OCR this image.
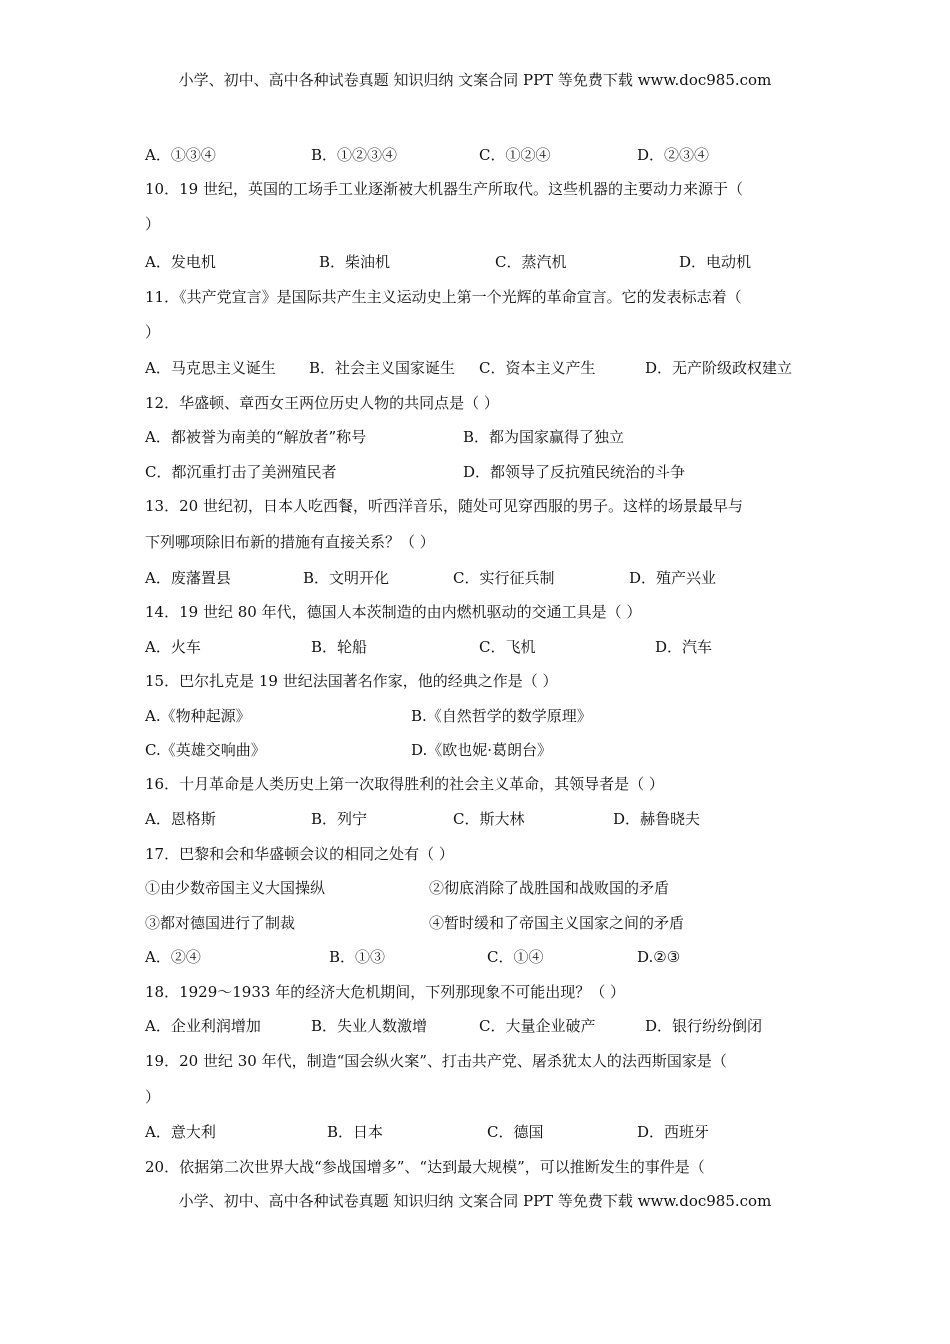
小学、初中、高中各种试卷真题 知识归纳 文案合同 PPT 等免费下载 www.doc985.com
A．①③④	B．①②③④	C．①②④	D．②③④
10．19 世纪，英国的工场手工业逐渐被大机器生产所取代。这些机器的主要动力来源于（
）
A．发电机	B．柴油机	C．蒸汽机	D．电动机
11．《共产党宣言》是国际共产生主义运动史上第一个光辉的革命宣言。它的发表标志着（
）
A．马克思主义诞生 B．社会主义国家诞生 C．资本主义产生	D．无产阶级政权建立
12．华盛顿、章西女王两位历史人物的共同点是（ ）
A．都被誉为南美的“解放者”称号	B．都为国家赢得了独立
C．都沉重打击了美洲殖民者	D．都领导了反抗殖民统治的斗争
13．20 世纪初，日本人吃西餐，听西洋音乐，随处可见穿西服的男子。这样的场景最早与
下列哪项除旧布新的措施有直接关系？（ ）
A．废藩置县	B．文明开化	C．实行征兵制	D．殖产兴业
14．19 世纪 80 年代，德国人本茨制造的由内燃机驱动的交通工具是（ ）
A．火车	B．轮船	C．飞机	D．汽车
15．巴尔扎克是 19 世纪法国著名作家，他的经典之作是（ ）
A.《物种起源》	B.《自然哲学的数学原理》
C.《英雄交响曲》	D.《欧也妮·葛朗台》
16．十月革命是人类历史上第一次取得胜利的社会主义革命，其领导者是（ ）
A．恩格斯	B．列宁	C．斯大林	D．赫鲁晓夫
17．巴黎和会和华盛顿会议的相同之处有（ ）
①由少数帝国主义大国操纵	②彻底消除了战胜国和战败国的矛盾
③都对德国进行了制裁	④暂时缓和了帝国主义国家之间的矛盾
A．②④	B．①③	C．①④	D.②③
18．1929～1933 年的经济大危机期间，下列那现象不可能出现？（ ）
A．企业利润增加	B．失业人数激增	C．大量企业破产	D．银行纷纷倒闭
19．20 世纪 30 年代，制造“国会纵火案”、打击共产党、屠杀犹太人的法西斯国家是（
）
A．意大利	B．日本	C．德国	D．西班牙
20．依据第二次世界大战“参战国增多”、“达到最大规模”，可以推断发生的事件是（
小学、初中、高中各种试卷真题 知识归纳 文案合同 PPT 等免费下载 www.doc985.com
